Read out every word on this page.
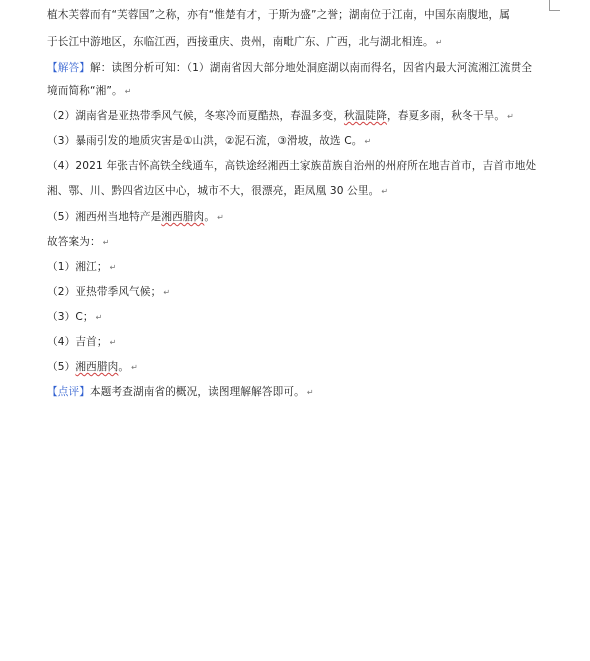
植木芙蓉而有“芙蓉国”之称，亦有“惟楚有才，于斯为盛”之誉；湖南位于江南，中国东南腹地，属
于长江中游地区，东临江西，西接重庆、贵州，南毗广东、广西，北与湖北相连。 ↵
【解答】解：读图分析可知：（1）湖南省因大部分地处洞庭湖以南而得名，因省内最大河流湘江流贯全
境而简称“湘”。 ↵
（2）湖南省是亚热带季风气候，冬寒冷而夏酷热，春温多变，秋温陡降，春夏多雨，秋冬干旱。 ↵
（3）暴雨引发的地质灾害是①山洪，②泥石流，③滑坡，故选 C。 ↵
（4）2021 年张吉怀高铁全线通车，高铁途经湘西土家族苗族自治州的州府所在地吉首市，吉首市地处
湘、鄂、川、黔四省边区中心，城市不大，很漂亮，距凤凰 30 公里。 ↵
（5）湘西州当地特产是湘西腊肉。 ↵
故答案为： ↵
（1）湘江； ↵
（2）亚热带季风气候； ↵
（3）C； ↵
（4）吉首； ↵
（5）湘西腊肉。 ↵
【点评】本题考查湖南省的概况，读图理解解答即可。 ↵
